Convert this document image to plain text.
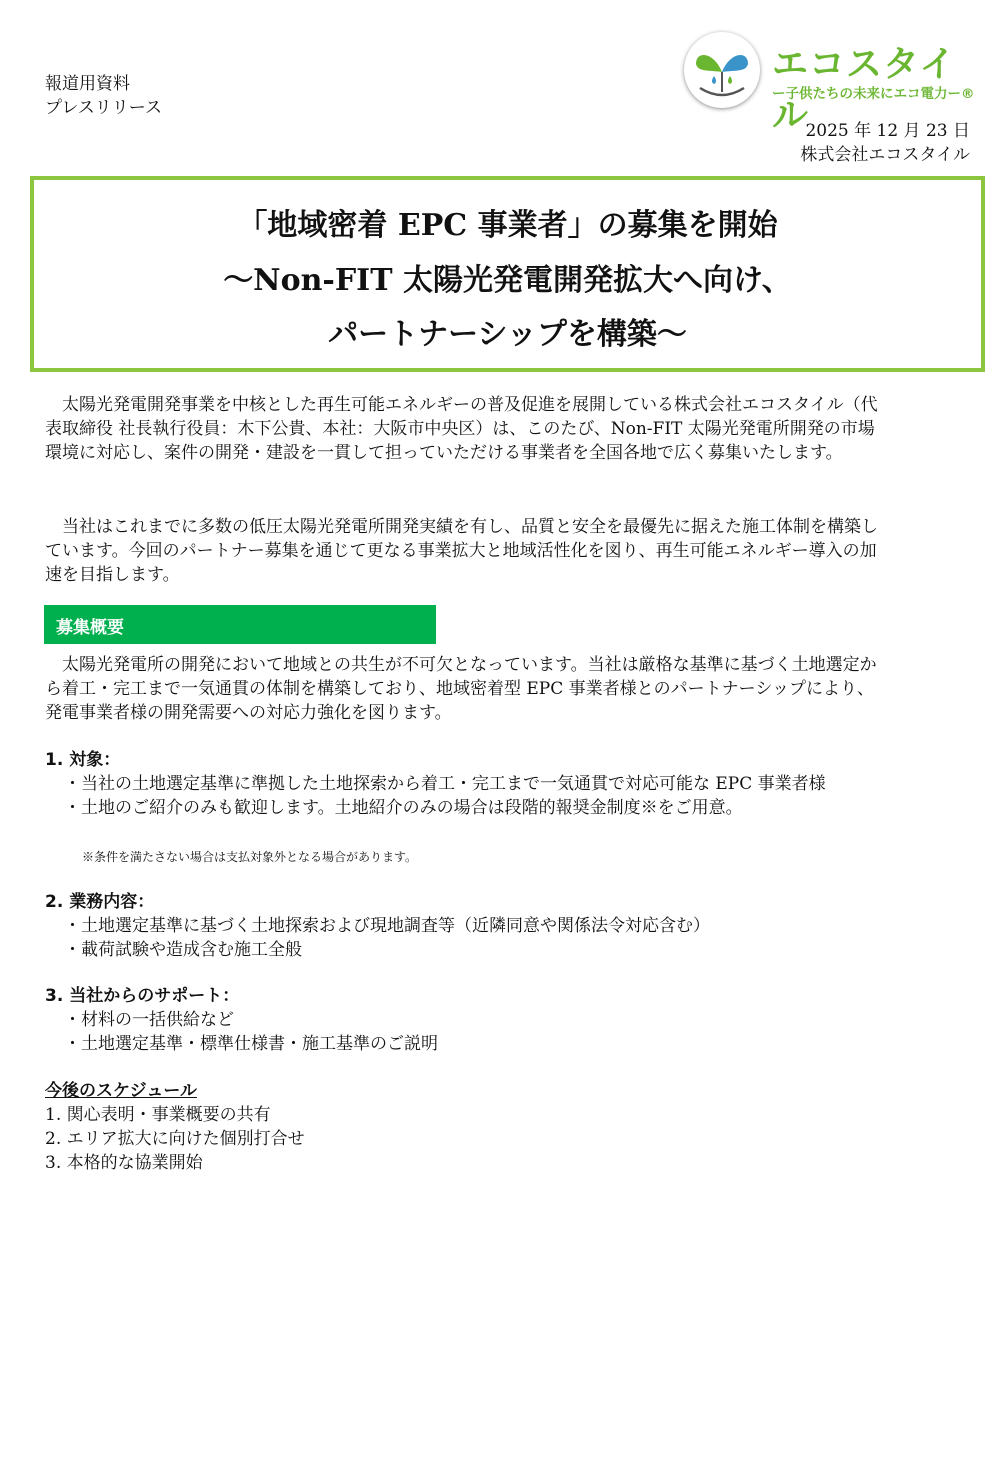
報道用資料
プレスリリース
エコスタイル
ー子供たちの未来にエコ電力ー®
2025 年 12 月 23 日
株式会社エコスタイル
「地域密着 EPC 事業者」の募集を開始
～Non-FIT 太陽光発電開発拡大へ向け、
パートナーシップを構築～
　太陽光発電開発事業を中核とした再生可能エネルギーの普及促進を展開している株式会社エコスタイル（代
表取締役 社長執行役員：木下公貴、本社：大阪市中央区）は、このたび、Non-FIT 太陽光発電所開発の市場
環境に対応し、案件の開発・建設を一貫して担っていただける事業者を全国各地で広く募集いたします。
　当社はこれまでに多数の低圧太陽光発電所開発実績を有し、品質と安全を最優先に据えた施工体制を構築し
ています。今回のパートナー募集を通じて更なる事業拡大と地域活性化を図り、再生可能エネルギー導入の加
速を目指します。
募集概要
　太陽光発電所の開発において地域との共生が不可欠となっています。当社は厳格な基準に基づく土地選定か
ら着工・完工まで一気通貫の体制を構築しており、地域密着型 EPC 事業者様とのパートナーシップにより、
発電事業者様の開発需要への対応力強化を図ります。
1. 対象：
・当社の土地選定基準に準拠した土地探索から着工・完工まで一気通貫で対応可能な EPC 事業者様
・土地のご紹介のみも歓迎します。土地紹介のみの場合は段階的報奨金制度※をご用意。
※条件を満たさない場合は支払対象外となる場合があります。
2. 業務内容：
・土地選定基準に基づく土地探索および現地調査等（近隣同意や関係法令対応含む）
・載荷試験や造成含む施工全般
3. 当社からのサポート：
・材料の一括供給など
・土地選定基準・標準仕様書・施工基準のご説明
今後のスケジュール
1. 関心表明・事業概要の共有
2. エリア拡大に向けた個別打合せ
3. 本格的な協業開始
